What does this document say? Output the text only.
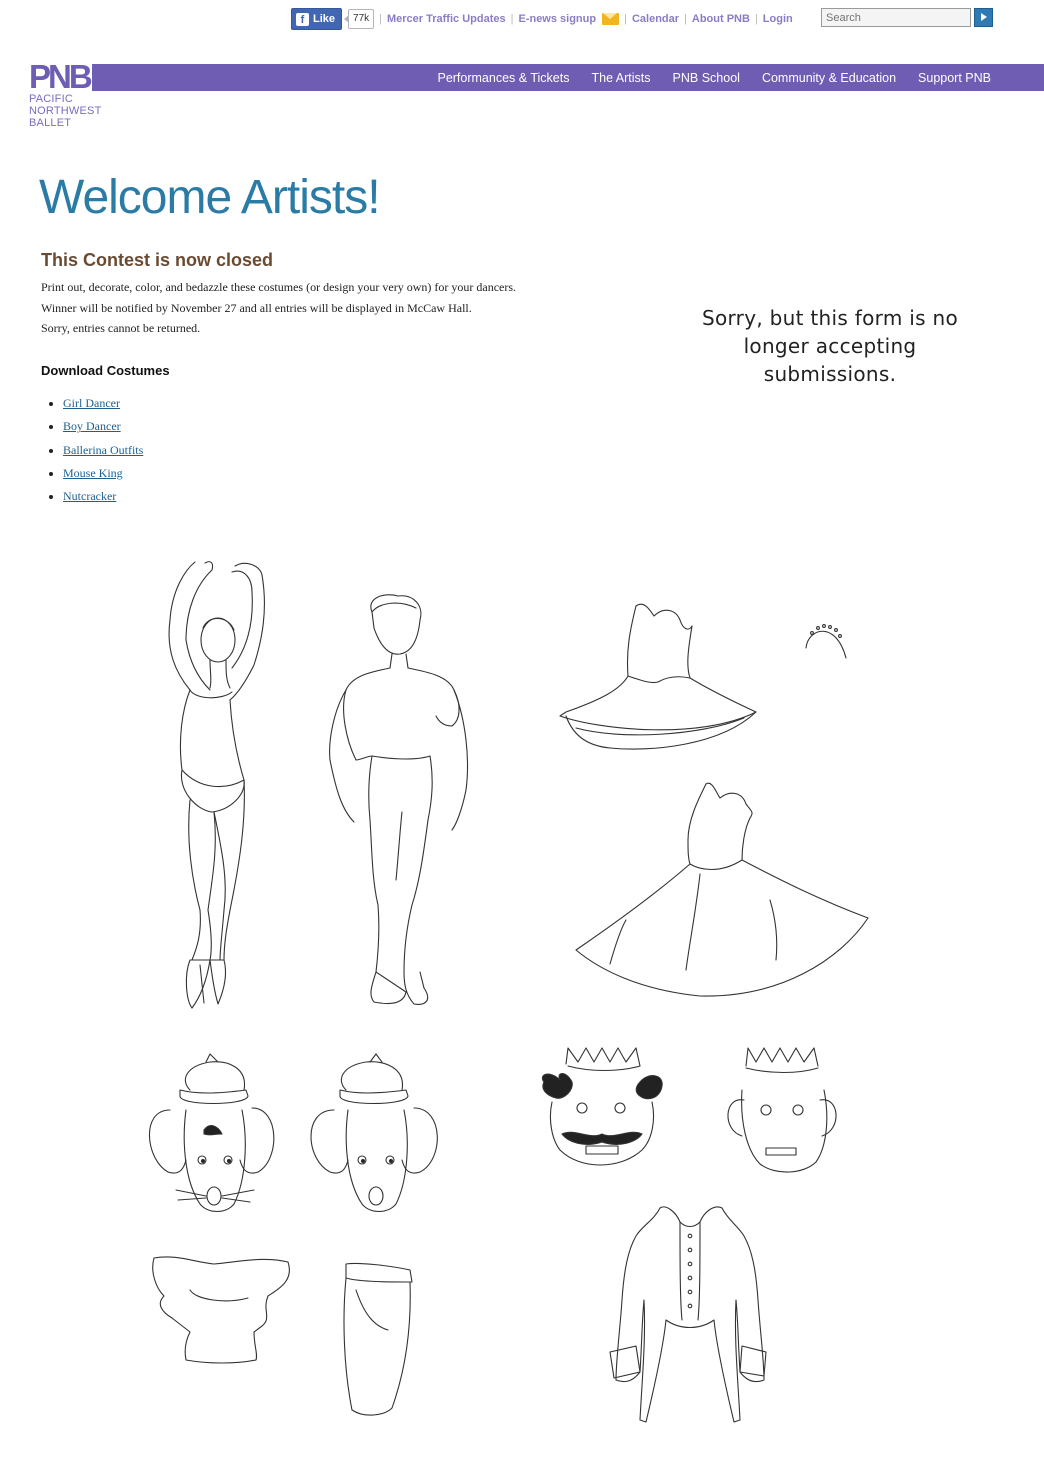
f Like	77k | Mercer Traffic Updates | E-news signup	| Calendar | About PNB | Login
Search
Performances & Tickets The Artists PNB School Community & Education Support PNB
PNB
PACIFIC
NORTHWEST
BALLET
Welcome Artists!
This Contest is now closed
Print out, decorate, color, and bedazzle these costumes (or design your very own) for your dancers.
Winner will be notified by November 27 and all entries will be displayed in McCaw Hall.
Sorry, entries cannot be returned.
Download Costumes
• Girl Dancer
• Boy Dancer
• Ballerina Outfits
• Mouse King
• Nutcracker
Sorry, but this form is no
longer accepting
submissions.
